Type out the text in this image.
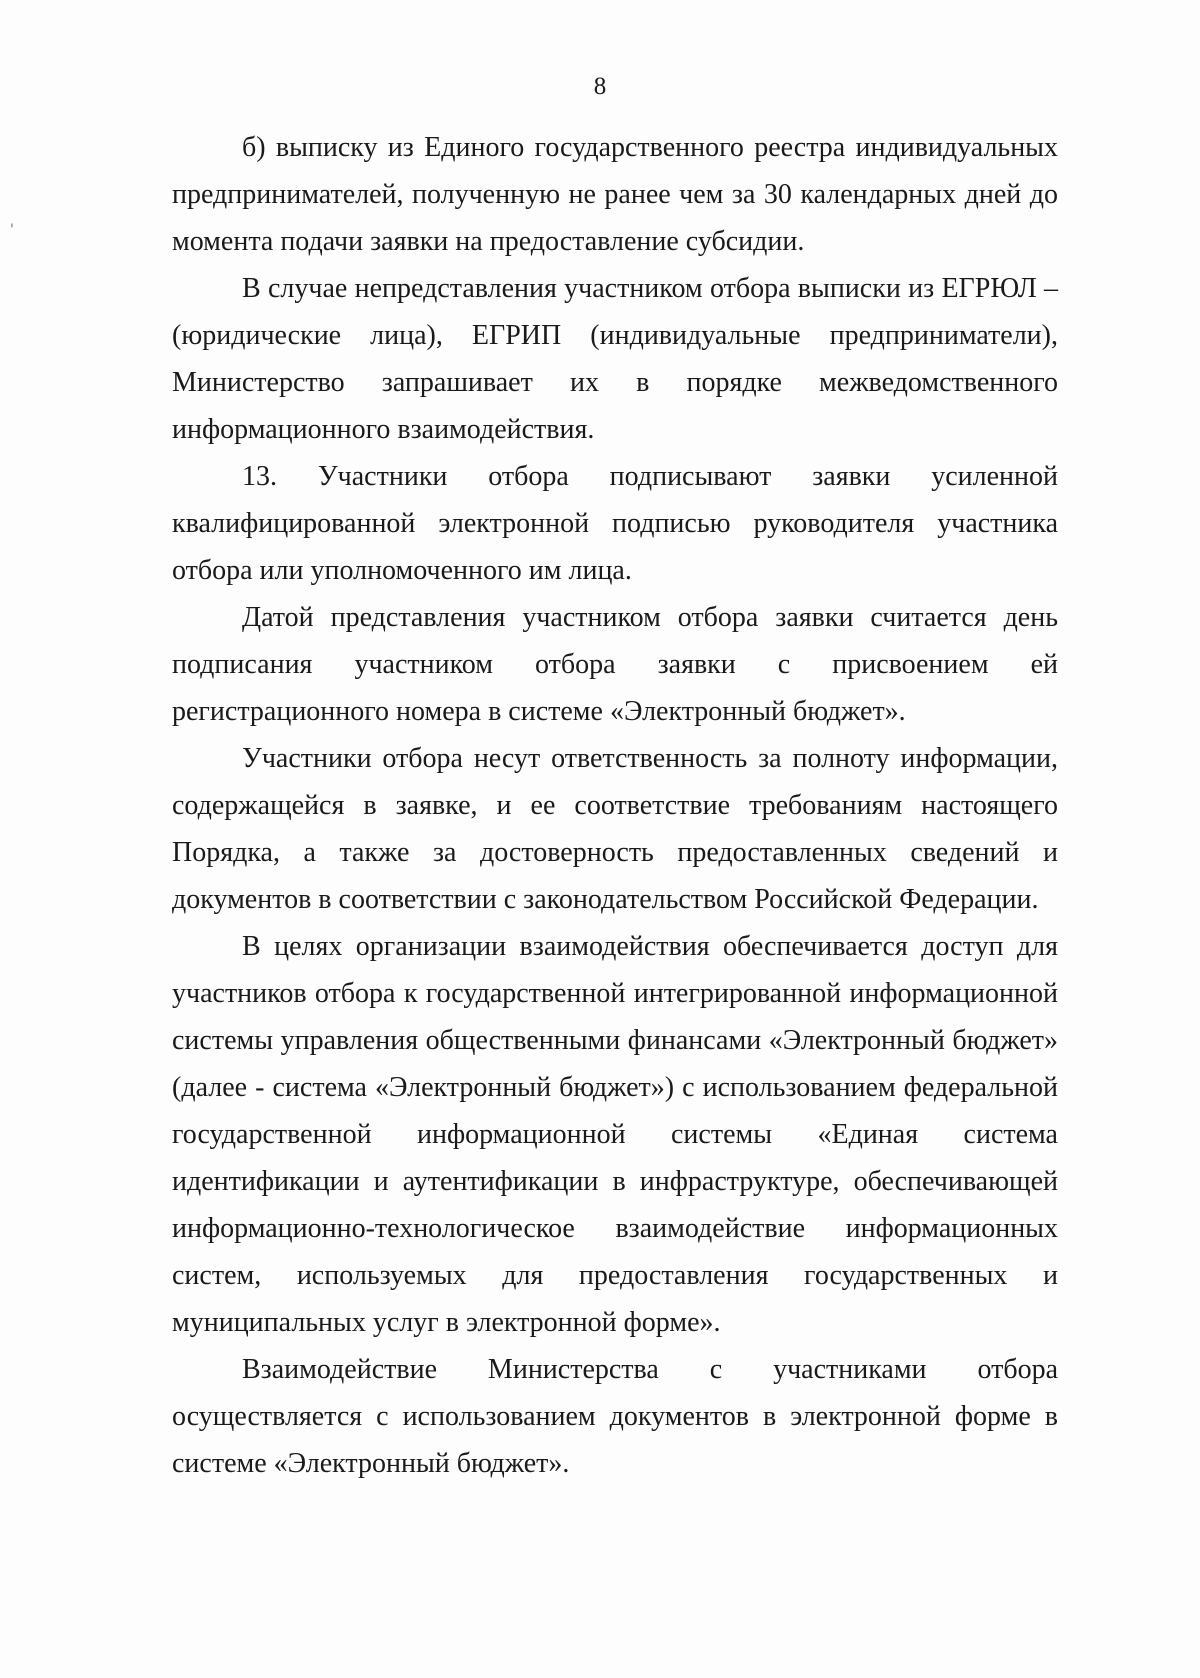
'
8

б) выписку из Единого государственного реестра индивидуальных предпринимателей, полученную не ранее чем за 30 календарных дней до момента подачи заявки на предоставление субсидии.

В случае непредставления участником отбора выписки из ЕГРЮЛ – (юридические лица), ЕГРИП (индивидуальные предприниматели), Министерство запрашивает их в порядке межведомственного информационного взаимодействия.

13. Участники отбора подписывают заявки усиленной квалифицированной электронной подписью руководителя участника отбора или уполномоченного им лица.

Датой представления участником отбора заявки считается день подписания участником отбора заявки с присвоением ей регистрационного номера в системе «Электронный бюджет».

Участники отбора несут ответственность за полноту информации, содержащейся в заявке, и ее соответствие требованиям настоящего Порядка, а также за достоверность предоставленных сведений и документов в соответствии с законодательством Российской Федерации.

В целях организации взаимодействия обеспечивается доступ для участников отбора к государственной интегрированной информационной системы управления общественными финансами «Электронный бюджет» (далее - система «Электронный бюджет») с использованием федеральной государственной информационной системы «Единая система идентификации и аутентификации в инфраструктуре, обеспечивающей информационно-технологическое взаимодействие информационных систем, используемых для предоставления государственных и муниципальных услуг в электронной форме».

Взаимодействие Министерства с участниками отбора осуществляется с использованием документов в электронной форме в системе «Электронный бюджет».
